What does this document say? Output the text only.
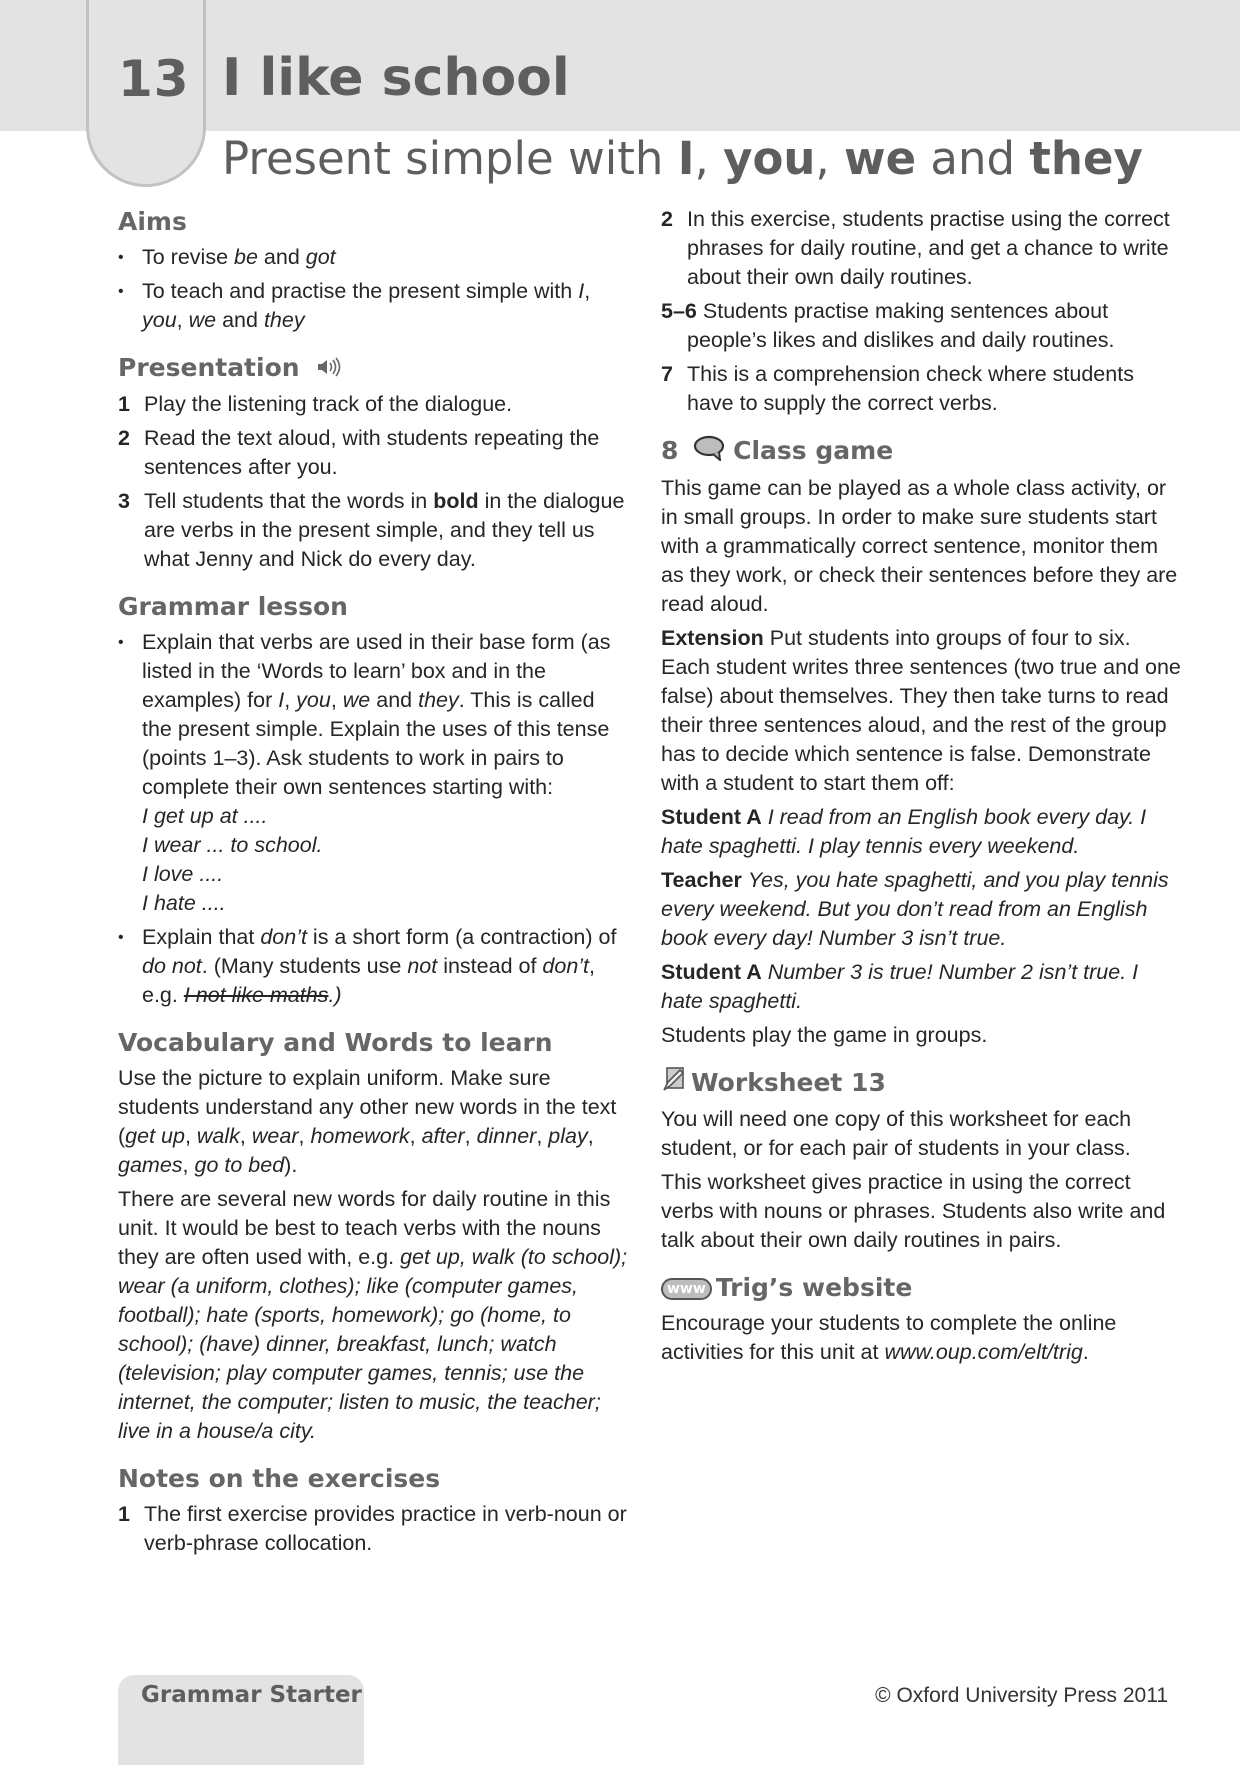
13 I like school
Present simple with I, you, we and they
Aims
• To revise be and got
• To teach and practise the present simple with I, you, we and they
Presentation
1 Play the listening track of the dialogue.
2 Read the text aloud, with students repeating the sentences after you.
3 Tell students that the words in bold in the dialogue are verbs in the present simple, and they tell us what Jenny and Nick do every day.
Grammar lesson
• Explain that verbs are used in their base form (as listed in the ‘Words to learn’ box and in the examples) for I, you, we and they. This is called the present simple. Explain the uses of this tense (points 1–3). Ask students to work in pairs to complete their own sentences starting with:
I get up at ....
I wear ... to school.
I love ....
I hate ....
• Explain that don’t is a short form (a contraction) of do not. (Many students use not instead of don’t, e.g. I not like maths.)
Vocabulary and Words to learn

Use the picture to explain uniform. Make sure students understand any other new words in the text (get up, walk, wear, homework, after, dinner, play, games, go to bed).

There are several new words for daily routine in this unit. It would be best to teach verbs with the nouns they are often used with, e.g. get up, walk (to school); wear (a uniform, clothes); like (computer games, football); hate (sports, homework); go (home, to school); (have) dinner, breakfast, lunch; watch (television; play computer games, tennis; use the internet, the computer; listen to music, the teacher; live in a house/a city.

Notes on the exercises
1 The first exercise provides practice in verb-noun or verb-phrase collocation.
2 In this exercise, students practise using the correct phrases for daily routine, and get a chance to write about their own daily routines.
5–6 Students practise making sentences about people’s likes and dislikes and daily routines.
7 This is a comprehension check where students have to supply the correct verbs.
8 Class game

This game can be played as a whole class activity, or in small groups. In order to make sure students start with a grammatically correct sentence, monitor them as they work, or check their sentences before they are read aloud.

Extension Put students into groups of four to six. Each student writes three sentences (two true and one false) about themselves. They then take turns to read their three sentences aloud, and the rest of the group has to decide which sentence is false. Demonstrate with a student to start them off:

Student A I read from an English book every day. I hate spaghetti. I play tennis every weekend.

Teacher Yes, you hate spaghetti, and you play tennis every weekend. But you don’t read from an English book every day! Number 3 isn’t true.

Student A Number 3 is true! Number 2 isn’t true. I hate spaghetti.

Students play the game in groups.

Worksheet 13

You will need one copy of this worksheet for each student, or for each pair of students in your class.

This worksheet gives practice in using the correct verbs with nouns or phrases. Students also write and talk about their own daily routines in pairs.

www Trig’s website

Encourage your students to complete the online activities for this unit at www.oup.com/elt/trig.

Grammar Starter	© Oxford University Press 2011
